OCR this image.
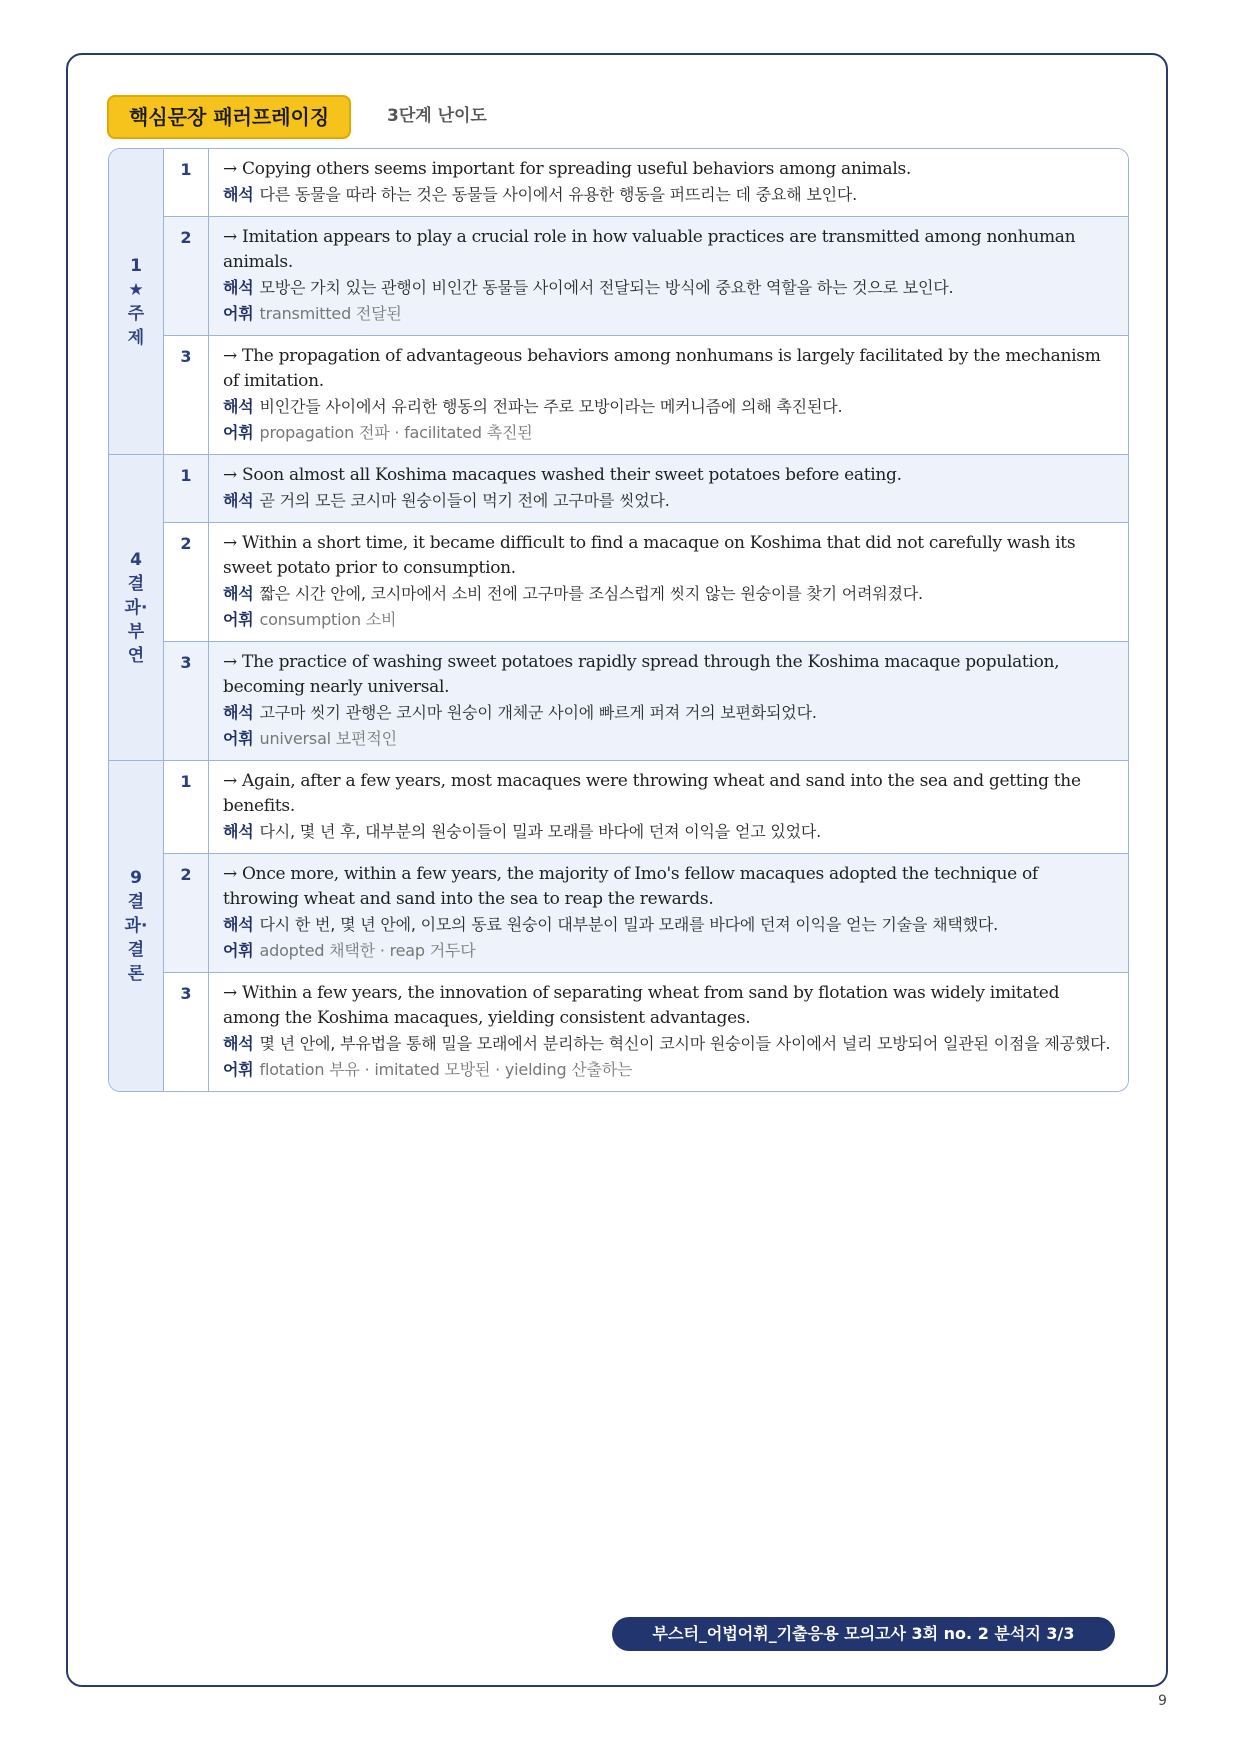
핵심문장 패러프레이징	3단계 난이도
1
★
주
제
1	→ Copying others seems important for spreading useful behaviors among animals.
해석 다른 동물을 따라 하는 것은 동물들 사이에서 유용한 행동을 퍼뜨리는 데 중요해 보인다.
2	→ Imitation appears to play a crucial role in how valuable practices are transmitted among nonhuman animals.
해석 모방은 가치 있는 관행이 비인간 동물들 사이에서 전달되는 방식에 중요한 역할을 하는 것으로 보인다.
어휘 transmitted 전달된
3	→ The propagation of advantageous behaviors among nonhumans is largely facilitated by the mechanism of imitation.
해석 비인간들 사이에서 유리한 행동의 전파는 주로 모방이라는 메커니즘에 의해 촉진된다.
어휘 propagation 전파 · facilitated 촉진된
4
결
과·
부
연
1	→ Soon almost all Koshima macaques washed their sweet potatoes before eating.
해석 곧 거의 모든 코시마 원숭이들이 먹기 전에 고구마를 씻었다.
2	→ Within a short time, it became difficult to find a macaque on Koshima that did not carefully wash its sweet potato prior to consumption.
해석 짧은 시간 안에, 코시마에서 소비 전에 고구마를 조심스럽게 씻지 않는 원숭이를 찾기 어려워졌다.
어휘 consumption 소비
3	→ The practice of washing sweet potatoes rapidly spread through the Koshima macaque population, becoming nearly universal.
해석 고구마 씻기 관행은 코시마 원숭이 개체군 사이에 빠르게 퍼져 거의 보편화되었다.
어휘 universal 보편적인
9
결
과·
결
론
1	→ Again, after a few years, most macaques were throwing wheat and sand into the sea and getting the benefits.
해석 다시, 몇 년 후, 대부분의 원숭이들이 밀과 모래를 바다에 던져 이익을 얻고 있었다.
2	→ Once more, within a few years, the majority of Imo's fellow macaques adopted the technique of throwing wheat and sand into the sea to reap the rewards.
해석 다시 한 번, 몇 년 안에, 이모의 동료 원숭이 대부분이 밀과 모래를 바다에 던져 이익을 얻는 기술을 채택했다.
어휘 adopted 채택한 · reap 거두다
3	→ Within a few years, the innovation of separating wheat from sand by flotation was widely imitated among the Koshima macaques, yielding consistent advantages.
해석 몇 년 안에, 부유법을 통해 밀을 모래에서 분리하는 혁신이 코시마 원숭이들 사이에서 널리 모방되어 일관된 이점을 제공했다.
어휘 flotation 부유 · imitated 모방된 · yielding 산출하는
부스터_어법어휘_기출응용 모의고사 3회 no. 2 분석지 3/3
9
